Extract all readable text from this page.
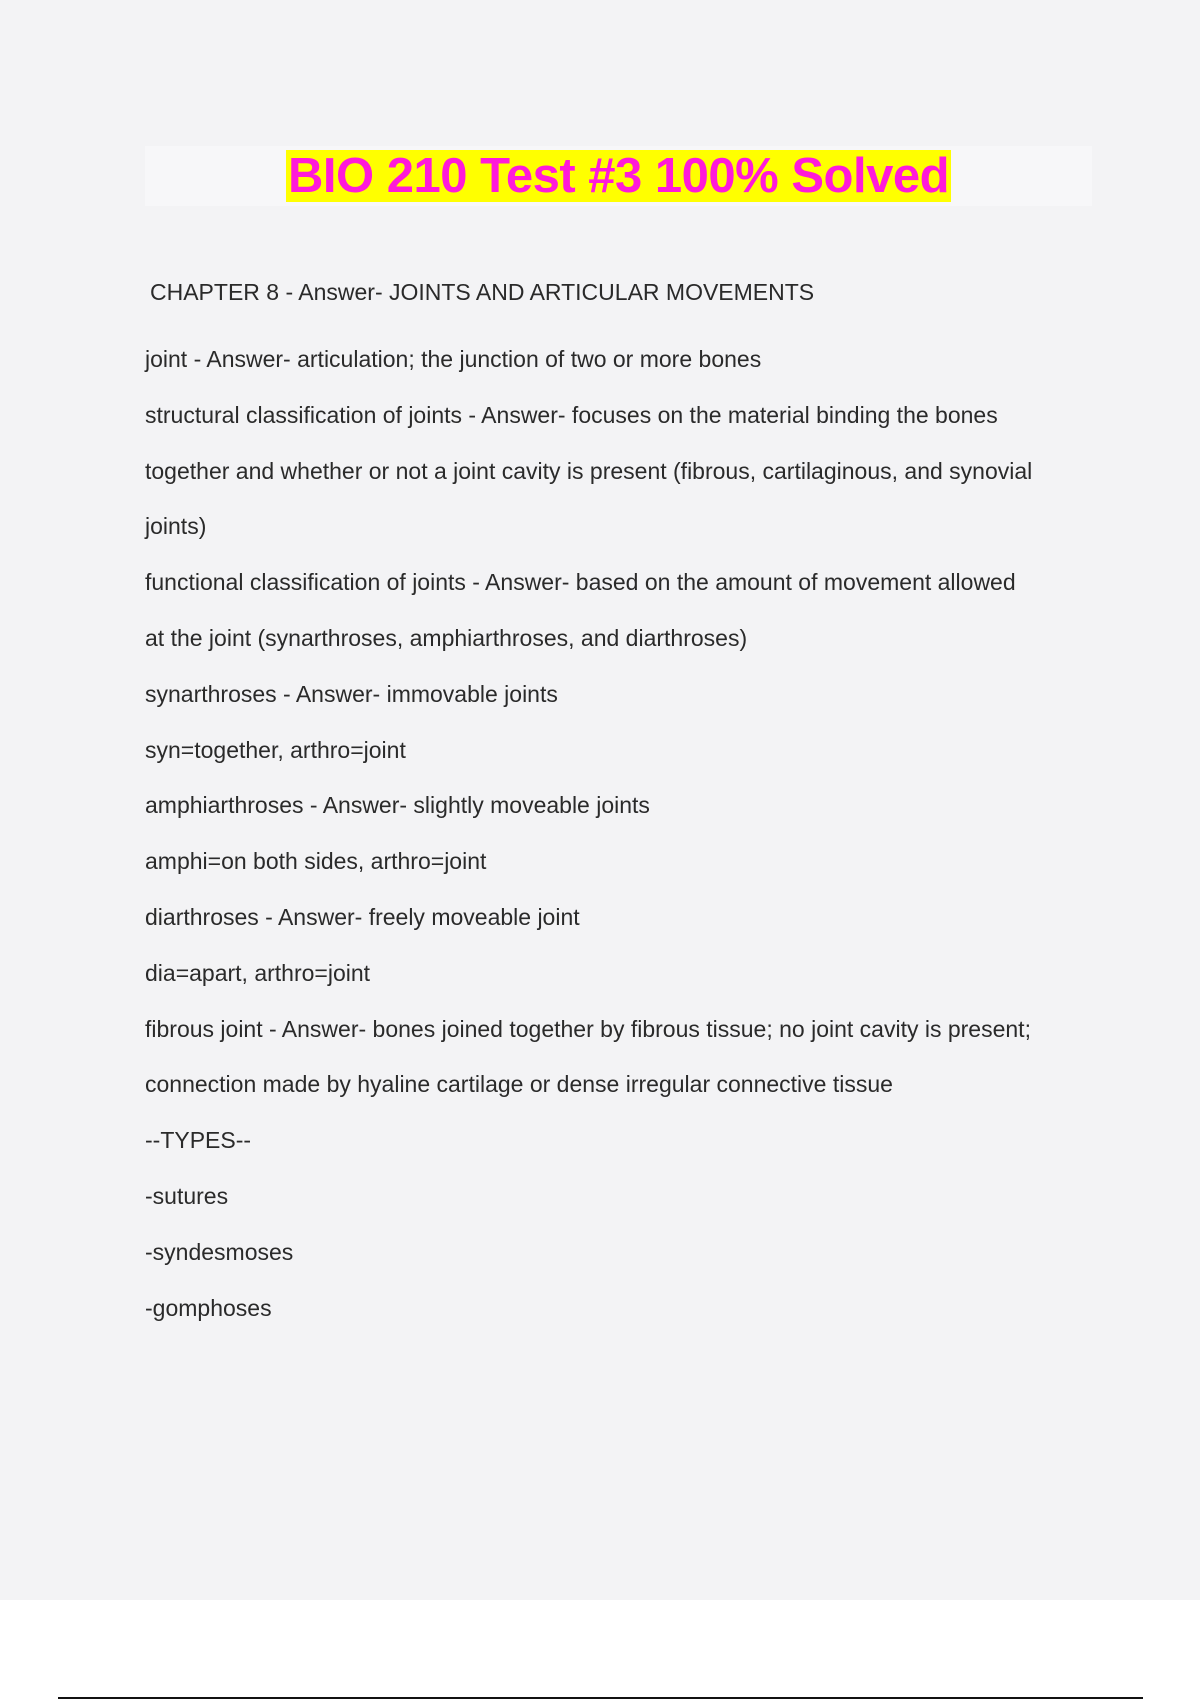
BIO 210 Test #3 100% Solved
CHAPTER 8 - Answer- JOINTS AND ARTICULAR MOVEMENTS
joint - Answer- articulation; the junction of two or more bones
structural classification of joints - Answer- focuses on the material binding the bones
together and whether or not a joint cavity is present (fibrous, cartilaginous, and synovial
joints)
functional classification of joints - Answer- based on the amount of movement allowed
at the joint (synarthroses, amphiarthroses, and diarthroses)
synarthroses - Answer- immovable joints
syn=together, arthro=joint
amphiarthroses - Answer- slightly moveable joints
amphi=on both sides, arthro=joint
diarthroses - Answer- freely moveable joint
dia=apart, arthro=joint
fibrous joint - Answer- bones joined together by fibrous tissue; no joint cavity is present;
connection made by hyaline cartilage or dense irregular connective tissue
--TYPES--
-sutures
-syndesmoses
-gomphoses
